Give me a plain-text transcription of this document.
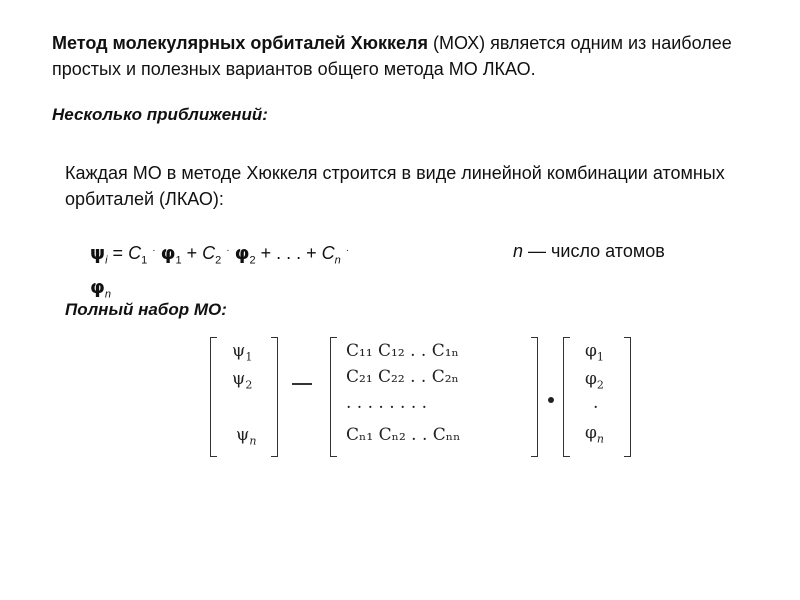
Метод молекулярных орбиталей Хюккеля (МОХ) является одним из наиболее простых и полезных вариантов общего метода МО ЛКАО.
Несколько приближений:
Каждая МО в методе Хюккеля строится в виде линейной комбинации атомных орбиталей (ЛКАО):
$\psi_i = C_1$ · $\varphi_1 + C_2$ · $\varphi_2$ + . . . + $C_n$ ·
$\varphi_n$
n — число атомов
Полный набор МО:
$\psi_1$
$\psi_2$
$\psi_n$
C₁₁ C₁₂ . . C₁ₙ
C₂₁ C₂₂ . . C₂ₙ
. . . . . . . .
Cₙ₁ Cₙ₂ . . Cₙₙ
$\varphi_1$
$\varphi_2$
.
$\varphi_n$
